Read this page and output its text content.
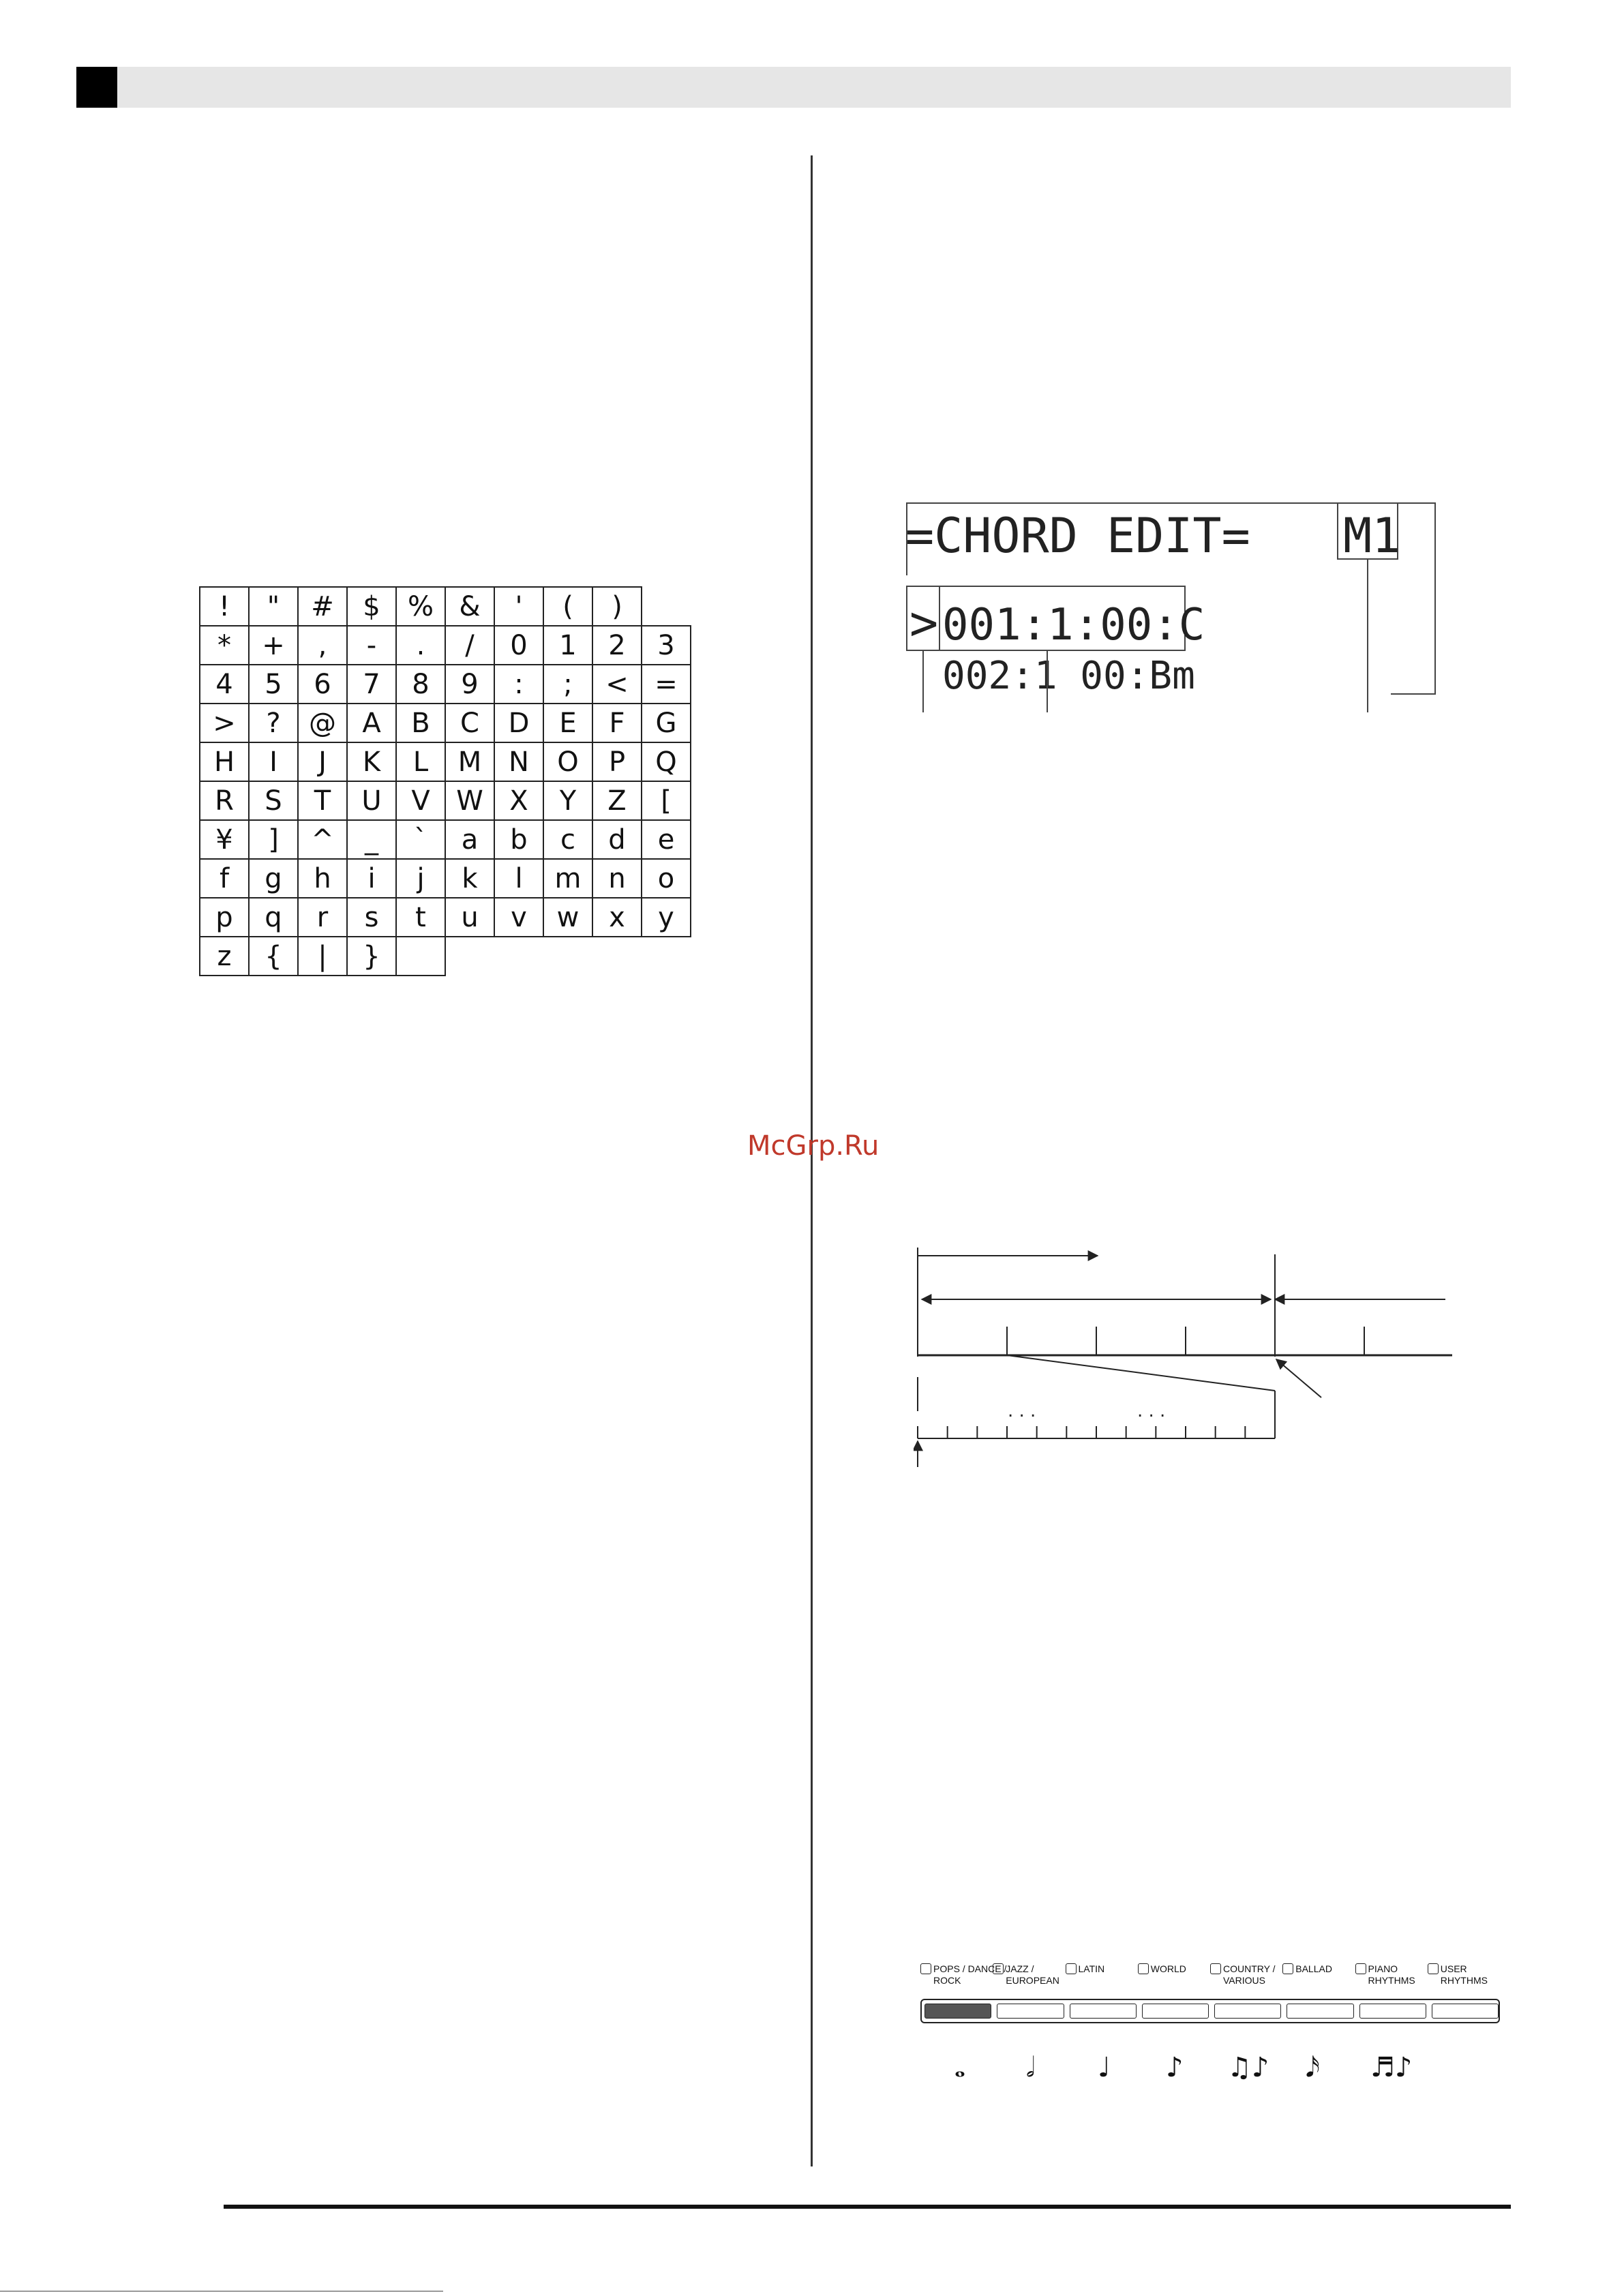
!	"	#	$	%	&	'	(	)	
*	+	,	-	.	/	0	1	2	3
4	5	6	7	8	9	:	;	<	=
>	?	@	A	B	C	D	E	F	G
H	I	J	K	L	M	N	O	P	Q
R	S	T	U	V	W	X	Y	Z	[
¥	]	^	_	`	a	b	c	d	e
f	g	h	i	j	k	l	m	n	o
p	q	r	s	t	u	v	w	x	y
z	{	|	}						
McGrp.Ru
=CHORD EDIT= M1
> 001:1:00:C
002:1 00:Bm
. . .	. . .
POPS / DANCE /
ROCK
JAZZ /
EUROPEAN
LATIN	WORLD	COUNTRY /
VARIOUS
BALLAD	PIANO
RHYTHMS
USER
RHYTHMS
𝅝 𝅗𝅥 ♩ ♪ ♫♪ 𝅘𝅥𝅯 ♬♪
